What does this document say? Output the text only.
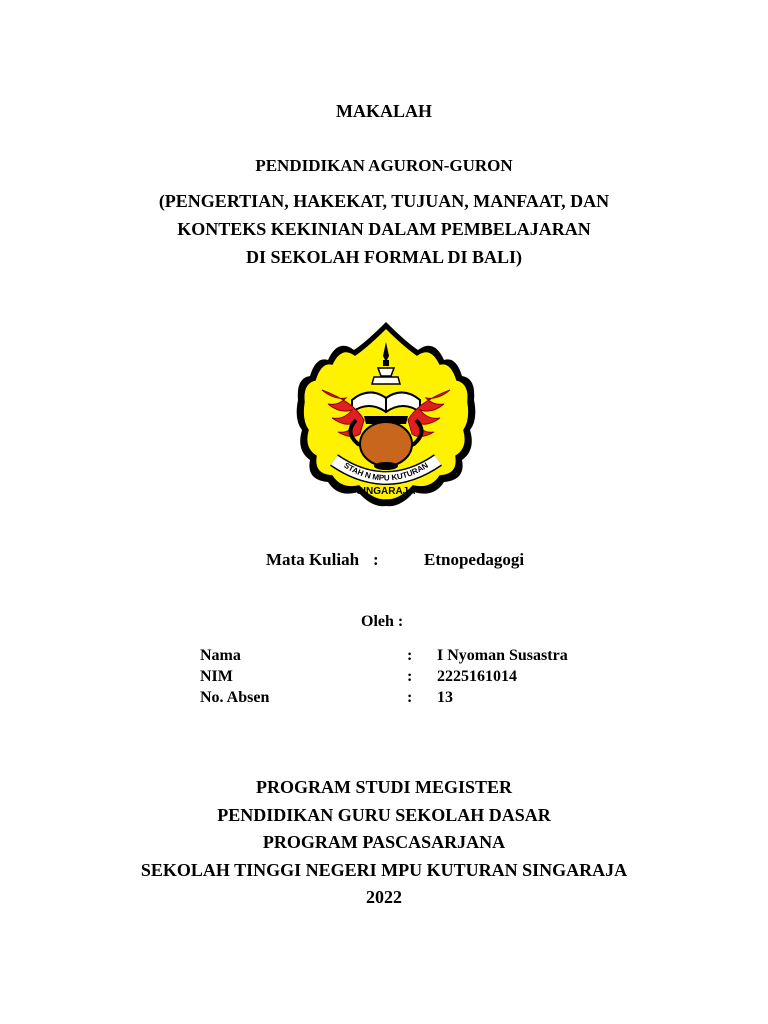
MAKALAH
PENDIDIKAN AGURON-GURON
(PENGERTIAN, HAKEKAT, TUJUAN, MANFAAT, DAN
KONTEKS KEKINIAN DALAM PEMBELAJARAN
DI SEKOLAH FORMAL DI BALI)
STAH N MPU KUTURAN
SINGARAJA
Mata Kuliah :	Etnopedagogi
Oleh :
Nama	: I Nyoman Susastra
NIM	: 2225161014
No. Absen	: 13
PROGRAM STUDI MEGISTER
PENDIDIKAN GURU SEKOLAH DASAR
PROGRAM PASCASARJANA
SEKOLAH TINGGI NEGERI MPU KUTURAN SINGARAJA
2022
